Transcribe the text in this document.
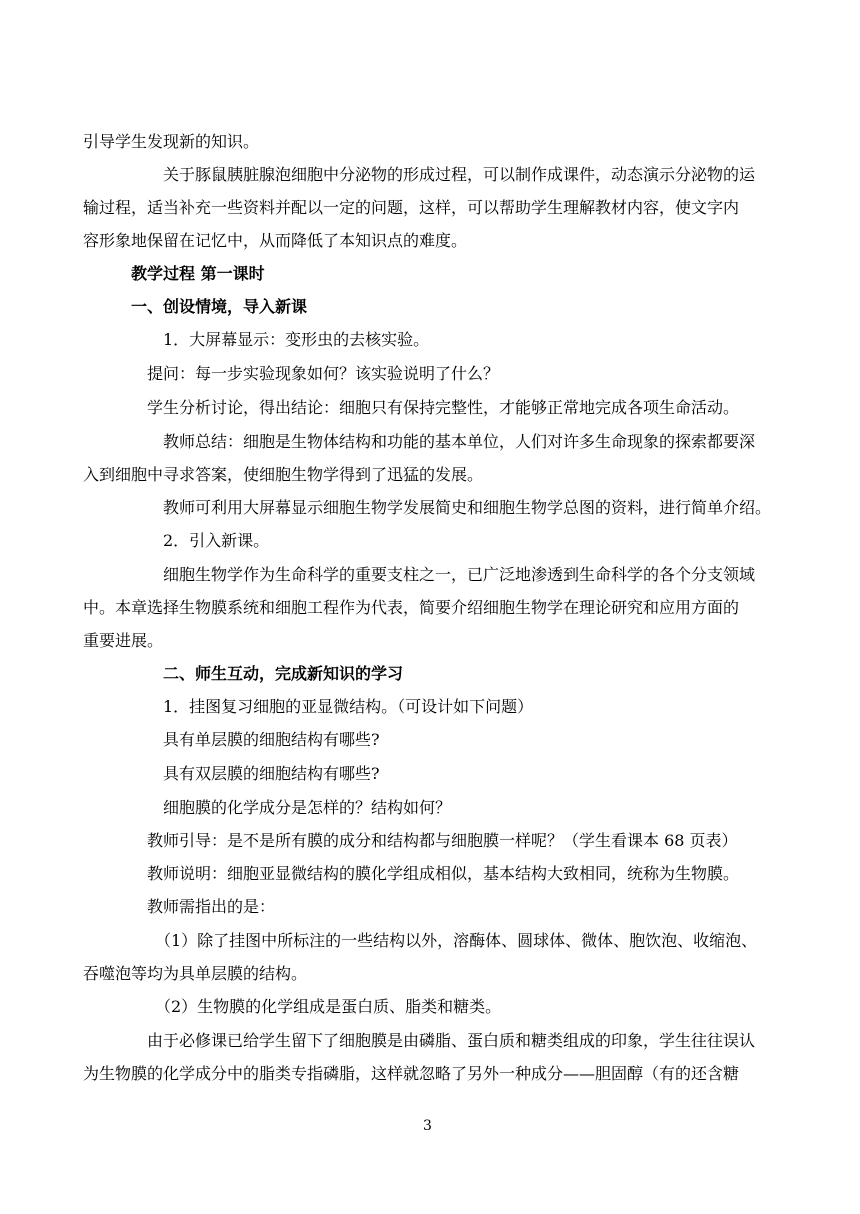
引导学生发现新的知识。

关于豚鼠胰脏腺泡细胞中分泌物的形成过程，可以制作成课件，动态演示分泌物的运

输过程，适当补充一些资料并配以一定的问题，这样，可以帮助学生理解教材内容，使文字内

容形象地保留在记忆中，从而降低了本知识点的难度。

教学过程 第一课时

一、创设情境，导入新课

1．大屏幕显示：变形虫的去核实验。

提问：每一步实验现象如何？该实验说明了什么？

学生分析讨论，得出结论：细胞只有保持完整性，才能够正常地完成各项生命活动。

教师总结：细胞是生物体结构和功能的基本单位，人们对许多生命现象的探索都要深

入到细胞中寻求答案，使细胞生物学得到了迅猛的发展。

教师可利用大屏幕显示细胞生物学发展简史和细胞生物学总图的资料，进行简单介绍。

2．引入新课。

细胞生物学作为生命科学的重要支柱之一，已广泛地渗透到生命科学的各个分支领域

中。本章选择生物膜系统和细胞工程作为代表，简要介绍细胞生物学在理论研究和应用方面的

重要进展。

二、师生互动，完成新知识的学习

1．挂图复习细胞的亚显微结构。（可设计如下问题）

具有单层膜的细胞结构有哪些?

具有双层膜的细胞结构有哪些?

细胞膜的化学成分是怎样的？结构如何？

教师引导：是不是所有膜的成分和结构都与细胞膜一样呢？（学生看课本 68 页表）

教师说明：细胞亚显微结构的膜化学组成相似，基本结构大致相同，统称为生物膜。

教师需指出的是：

（1）除了挂图中所标注的一些结构以外，溶酶体、圆球体、微体、胞饮泡、收缩泡、

吞噬泡等均为具单层膜的结构。

（2）生物膜的化学组成是蛋白质、脂类和糖类。

由于必修课已给学生留下了细胞膜是由磷脂、蛋白质和糖类组成的印象，学生往往误认

为生物膜的化学成分中的脂类专指磷脂，这样就忽略了另外一种成分——胆固醇（有的还含糖

3
